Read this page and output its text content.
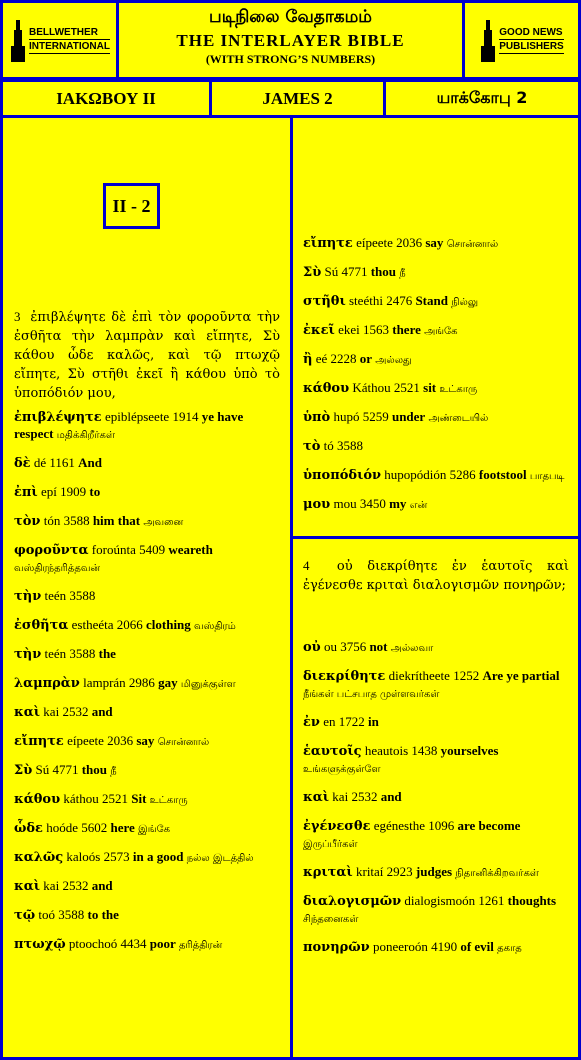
BELLWETHER
INTERNATIONAL
படிநிலை வேதாகமம்
THE INTERLAYER BIBLE
(WITH STRONG’S NUMBERS)
GOOD NEWS
PUBLISHERS
ΙΑΚΩΒΟΥ ΙΙ	JAMES 2	யாக்கோபு 2
II - 2
3 ἐπιβλέψητε δὲ ἐπὶ τὸν φοροῦντα τὴν ἐσθῆτα τὴν λαμπρὰν καὶ εἴπητε, Σὺ κάθου ὧδε καλῶς, καὶ τῷ πτωχῷ εἴπητε, Σὺ στῆθι ἐκεῖ ἢ κάθου ὑπὸ τὸ ὑποπόδιόν μου,
ἐπιβλέψητε epiblépseete 1914 ye have respect மதிக்கிறீர்கள்
δὲ dé 1161 And
ἐπὶ epí 1909 to
τὸν tón 3588 him that அவனை
φοροῦντα foroúnta 5409 weareth வஸ்திரந்தரித்தவன்
τὴν teén 3588
ἐσθῆτα estheéta 2066 clothing வஸ்திரம்
τὴν teén 3588 the
λαμπρὰν lamprán 2986 gay மினுக்குள்ள
καὶ kai 2532 and
εἴπητε eípeete 2036 say சொன்னால்
Σὺ Sú 4771 thou நீ
κάθου káthou 2521 Sit உட்காரு
ὧδε hoóde 5602 here இங்கே
καλῶς kaloós 2573 in a good நல்ல இடத்தில்
καὶ kai 2532 and
τῷ toó 3588 to the
πτωχῷ ptoochoó 4434 poor தரித்திரன்
εἴπητε eípeete 2036 say சொன்னால்
Σὺ Sú 4771 thou நீ
στῆθι steéthi 2476 Stand நில்லு
ἐκεῖ ekei 1563 there அங்கே
ἢ eé 2228 or அல்லது
κάθου Káthou 2521 sit உட்காரு
ὑπὸ hupó 5259 under அண்டையில்
τὸ tó 3588
ὑποπόδιόν hupopódión 5286 footstool பாதபடி
μου mou 3450 my என்
4 οὐ διεκρίθητε ἐν ἑαυτοῖς καὶ ἐγένεσθε κριταὶ διαλογισμῶν πονηρῶν;
οὐ ou 3756 not அல்லவா
διεκρίθητε diekrítheete 1252 Are ye partial நீங்கள் பட்சபாத முள்ளவர்கள்
ἐν en 1722 in
ἑαυτοῖς heautois 1438 yourselves உங்களுக்குள்ளே
καὶ kai 2532 and
ἐγένεσθε egénesthe 1096 are become இருப்பீர்கள்
κριταὶ kritaí 2923 judges நிதானிக்கிறவர்கள்
διαλογισμῶν dialogismoón 1261 thoughts சிந்தனைகள்
πονηρῶν poneeroón 4190 of evil தகாத
